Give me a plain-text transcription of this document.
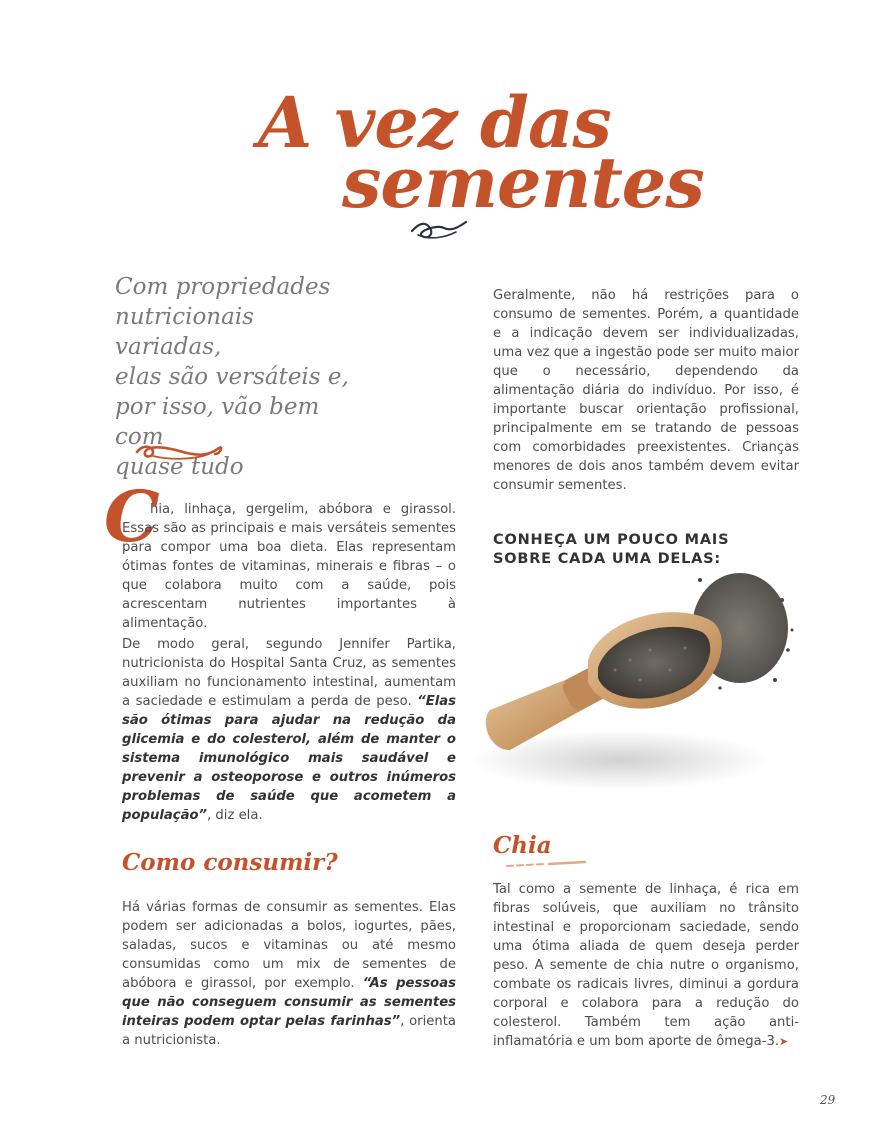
A vez das
sementes
Com propriedades
nutricionais variadas,
elas são versáteis e,
por isso, vão bem com
quase tudo

Geralmente, não há restrições para o consumo de sementes. Porém, a quantidade e a indicação devem ser individualizadas, uma vez que a ingestão pode ser muito maior que o necessário, dependendo da alimentação diária do indivíduo. Por isso, é importante buscar orientação profissional, principalmente em se tratando de pessoas com comorbidades preexistentes. Crianças menores de dois anos também devem evitar consumir sementes.

C

hia, linhaça, gergelim, abóbora e girassol. Essas são as principais e mais versáteis sementes para compor uma boa dieta. Elas representam ótimas fontes de vitaminas, minerais e fibras – o que colabora muito com a saúde, pois acrescentam nutrientes importantes à alimentação.

De modo geral, segundo Jennifer Partika, nutricionista do Hospital Santa Cruz, as sementes auxiliam no funcionamento intestinal, aumentam a saciedade e estimulam a perda de peso. “Elas são ótimas para ajudar na redução da glicemia e do colesterol, além de manter o sistema imunológico mais saudável e prevenir a osteoporose e outros inúmeros problemas de saúde que acometem a população”, diz ela.

Como consumir?

Há várias formas de consumir as sementes. Elas podem ser adicionadas a bolos, iogurtes, pães, saladas, sucos e vitaminas ou até mesmo consumidas como um mix de sementes de abóbora e girassol, por exemplo. “As pessoas que não conseguem consumir as sementes inteiras podem optar pelas farinhas”, orienta a nutricionista.

CONHEÇA UM POUCO MAIS
SOBRE CADA UMA DELAS:
Chia

Tal como a semente de linhaça, é rica em fibras solúveis, que auxiliam no trânsito intestinal e proporcionam saciedade, sendo uma ótima aliada de quem deseja perder peso. A semente de chia nutre o organismo, combate os radicais livres, diminui a gordura corporal e colabora para a redução do colesterol. Também tem ação anti-inflamatória e um bom aporte de ômega-3.➤

29
